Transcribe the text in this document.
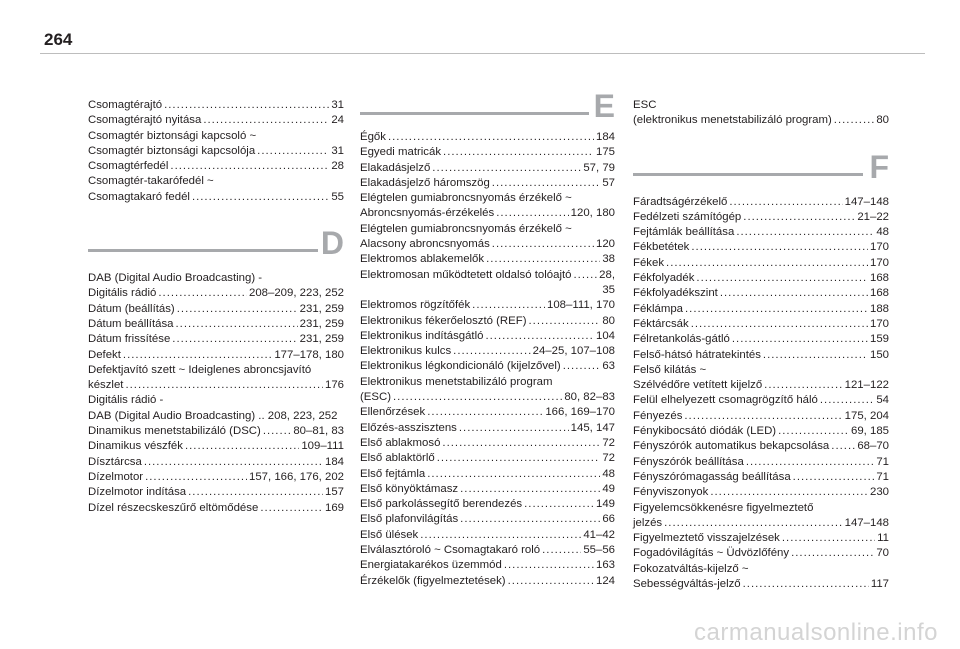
264
Csomagtérajtó .....	31
Csomagtérajtó nyitása .....	24
Csomagtér biztonsági kapcsoló ~
Csomagtér biztonsági kapcsolója .....	31
Csomagtérfedél .....	28
Csomagtér-takarófedél ~
Csomagtakaró fedél .....	55
D
DAB (Digital Audio Broadcasting) -
Digitális rádió .....	208–209, 223, 252
Dátum (beállítás) .....	231, 259
Dátum beállítása .....	231, 259
Dátum frissítése .....	231, 259
Defekt .....	177–178, 180
Defektjavító szett ~ Ideiglenes abroncsjavító
készlet .....	176
Digitális rádió -
DAB (Digital Audio Broadcasting) .. 208, 223, 252
Dinamikus menetstabilizáló (DSC) .....	80–81, 83
Dinamikus vészfék .....	109–111
Dísztárcsa .....	184
Dízelmotor .....	157, 166, 176, 202
Dízelmotor indítása .....	157
Dízel részecskeszűrő eltömődése .....	169
E
Égők .....	184
Egyedi matricák .....	175
Elakadásjelző .....	57, 79
Elakadásjelző háromszög .....	57
Elégtelen gumiabroncsnyomás érzékelő ~
Abroncsnyomás-érzékelés .....	120, 180
Elégtelen gumiabroncsnyomás érzékelő ~
Alacsony abroncsnyomás .....	120
Elektromos ablakemelők .....	38
Elektromosan működtetett oldalsó tolóajtó ..... 28,
35
Elektromos rögzítőfék .....	108–111, 170
Elektronikus fékerőelosztó (REF) .....	80
Elektronikus indításgátló .....	104
Elektronikus kulcs .....	24–25, 107–108
Elektronikus légkondicionáló (kijelzővel) .....	63
Elektronikus menetstabilizáló program
(ESC) .....	80, 82–83
Ellenőrzések .....	166, 169–170
Előzés-asszisztens .....	145, 147
Első ablakmosó .....	72
Első ablaktörlő .....	72
Első fejtámla .....	48
Első könyöktámasz .....	49
Első parkolássegítő berendezés .....	149
Első plafonvilágítás .....	66
Első ülések .....	41–42
Elválasztóroló ~ Csomagtakaró roló .....	55–56
Energiatakarékos üzemmód .....	163
Érzékelők (figyelmeztetések) .....	124
ESC
(elektronikus menetstabilizáló program) .....	80
F
Fáradtságérzékelő .....	147–148
Fedélzeti számítógép .....	21–22
Fejtámlák beállítása .....	48
Fékbetétek .....	170
Fékek .....	170
Fékfolyadék .....	168
Fékfolyadékszint .....	168
Féklámpa .....	188
Féktárcsák .....	170
Félretankolás-gátló .....	159
Felső-hátsó hátratekintés .....	150
Felső kilátás ~
Szélvédőre vetített kijelző .....	121–122
Felül elhelyezett csomagrögzítő háló .....	54
Fényezés .....	175, 204
Fénykibocsátó diódák (LED) .....	69, 185
Fényszórók automatikus bekapcsolása ..... 68–70
Fényszórók beállítása .....	71
Fényszórómagasság beállítása .....	71
Fényviszonyok .....	230
Figyelemcsökkenésre figyelmeztető
jelzés .....	147–148
Figyelmeztető visszajelzések .....	11
Fogadóvilágítás ~ Üdvözlőfény .....	70
Fokozatváltás-kijelző ~
Sebességváltás-jelző .....	117
carmanualsonline.info
